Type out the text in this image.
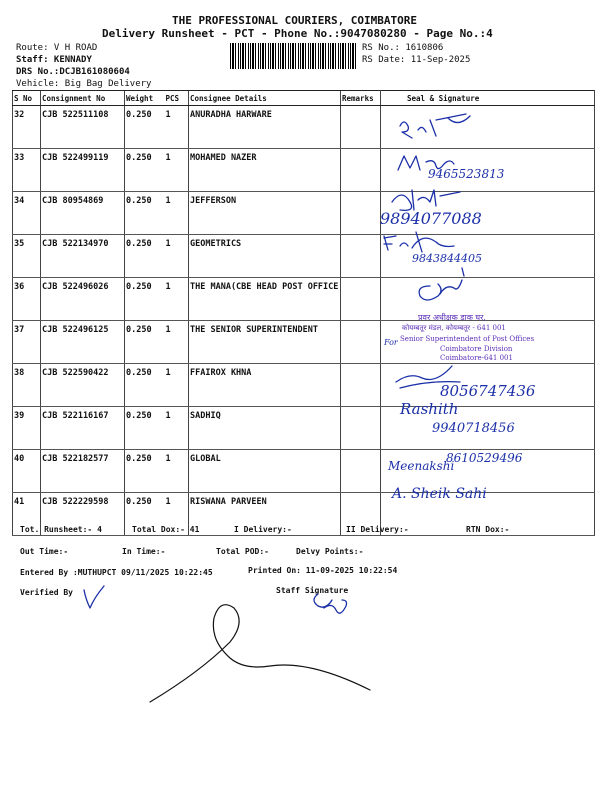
THE PROFESSIONAL COURIERS, COIMBATORE
Delivery Runsheet - PCT - Phone No.:9047080280 - Page No.:4
Route: V H ROAD
Staff: KENNADY
DRS No.:DCJB161080604
Vehicle: Big Bag Delivery
RS No.: 1610806
RS Date: 11-Sep-2025
S No	Consignment No	Weight	PCS	Consignee Details	Remarks	Seal & Signature
32	CJB 522511108	0.250	1	ANURADHA HARWARE		
33	CJB 522499119	0.250	1	MOHAMED NAZER		
34	CJB 80954869	0.250	1	JEFFERSON		
35	CJB 522134970	0.250	1	GEOMETRICS		
36	CJB 522496026	0.250	1	THE MANA(CBE HEAD POST OFFICE		
37	CJB 522496125	0.250	1	THE SENIOR SUPERINTENDENT		
38	CJB 522590422	0.250	1	FFAIROX KHNA		
39	CJB 522116167	0.250	1	SADHIQ		
40	CJB 522182577	0.250	1	GLOBAL		
41	CJB 522229598	0.250	1	RISWANA PARVEEN		
9465523813
9894077088
9843844405
8056747436
Rashith
9940718456
Meenakshi
8610529496
A. Sheik Sahi
प्रवर अधीक्षक डाक घर,
कोयम्बतूर मंडल, कोयम्बतूर - 641 001
For Senior Superintendent of Post Offices
Coimbatore Division
Coimbatore-641 001
Tot. Runsheet:- 4	Total Dox:- 41	I Delivery:-	II Delivery:-	RTN Dox:-
Out Time:-	In Time:-	Total POD:-	Delvy Points:-
Entered By :MUTHUPCT 09/11/2025 10:22:45	Printed On: 11-09-2025 10:22:54
Verified By	Staff Signature
